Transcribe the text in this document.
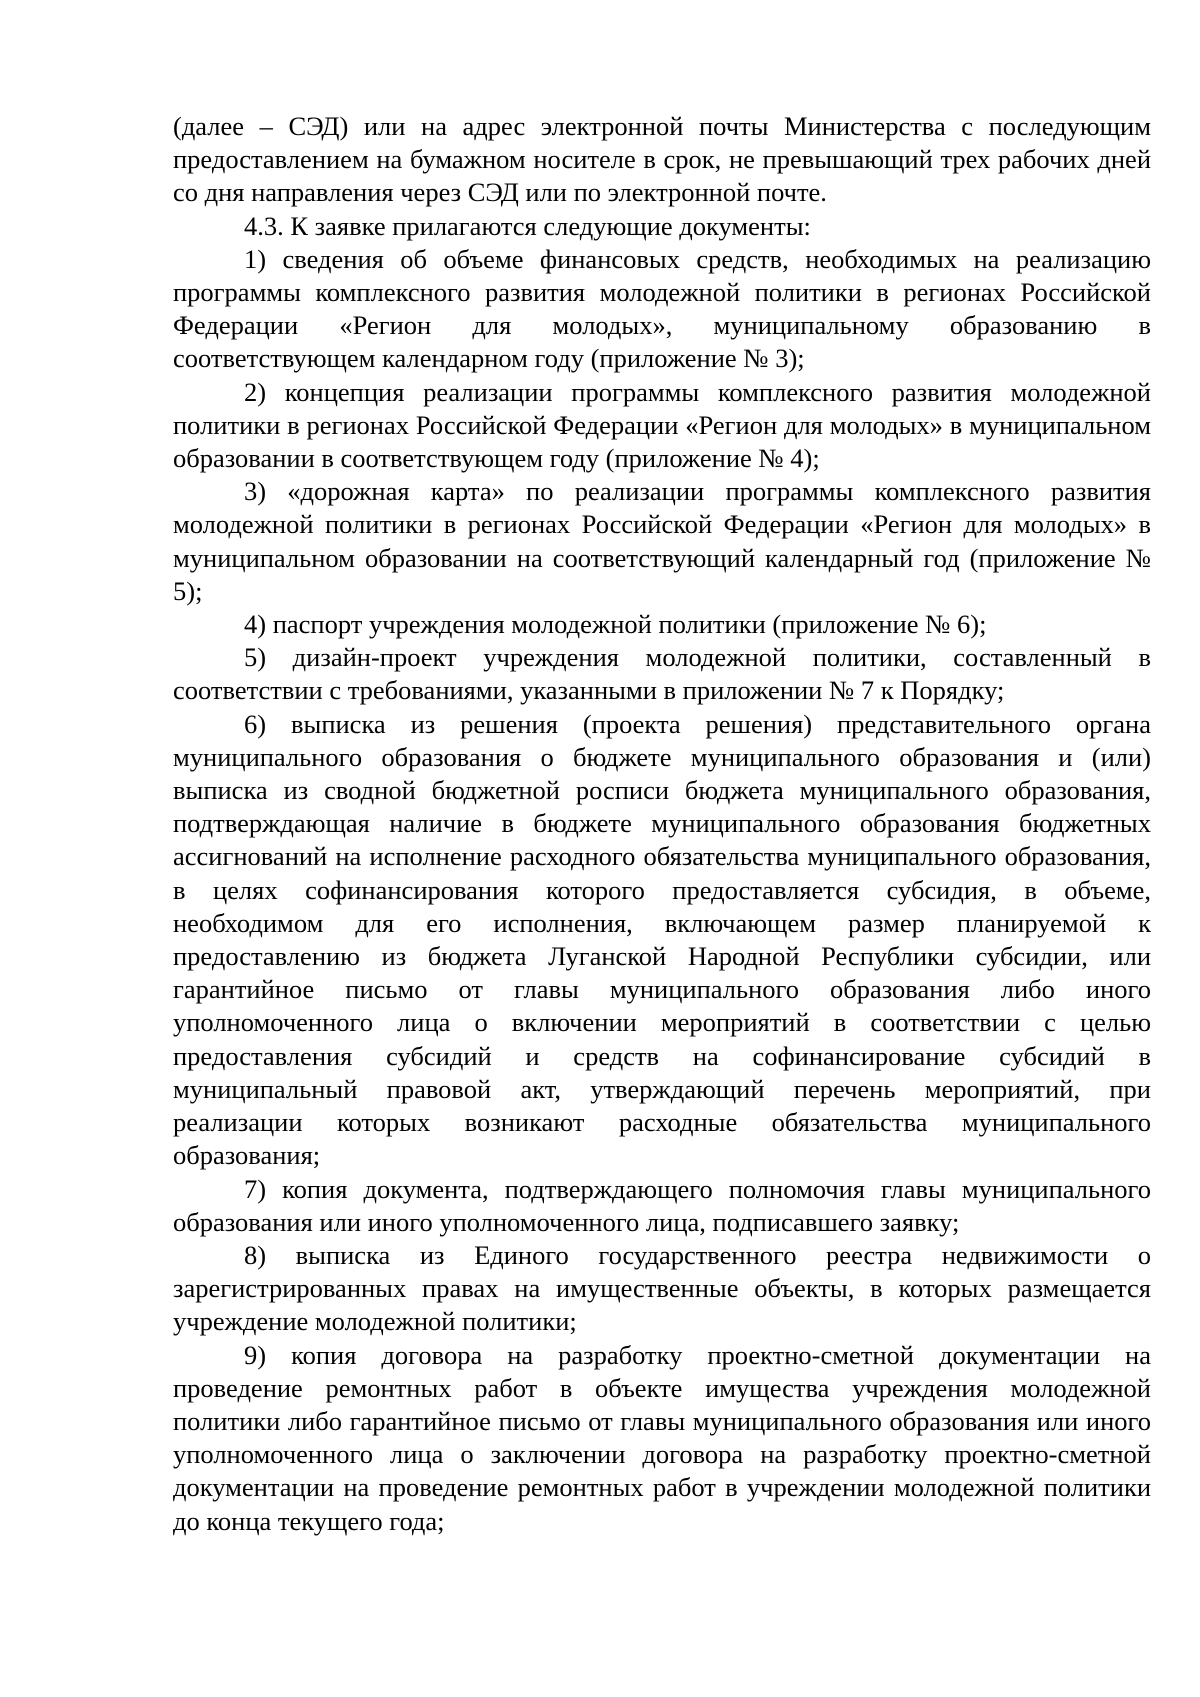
(далее – СЭД) или на адрес электронной почты Министерства с последующим предоставлением на бумажном носителе в срок, не превышающий трех рабочих дней со дня направления через СЭД или по электронной почте.

4.3. К заявке прилагаются следующие документы:

1) сведения об объеме финансовых средств, необходимых на реализацию программы комплексного развития молодежной политики в регионах Российской Федерации «Регион для молодых», муниципальному образованию в соответствующем календарном году (приложение № 3);

2) концепция реализации программы комплексного развития молодежной политики в регионах Российской Федерации «Регион для молодых» в муниципальном образовании в соответствующем году (приложение № 4);

3) «дорожная карта» по реализации программы комплексного развития молодежной политики в регионах Российской Федерации «Регион для молодых» в муниципальном образовании на соответствующий календарный год (приложение № 5);

4) паспорт учреждения молодежной политики (приложение № 6);

5) дизайн-проект учреждения молодежной политики, составленный в соответствии с требованиями, указанными в приложении № 7 к Порядку;

6) выписка из решения (проекта решения) представительного органа муниципального образования о бюджете муниципального образования и (или) выписка из сводной бюджетной росписи бюджета муниципального образования, подтверждающая наличие в бюджете муниципального образования бюджетных ассигнований на исполнение расходного обязательства муниципального образования, в целях софинансирования которого предоставляется субсидия, в объеме, необходимом для его исполнения, включающем размер планируемой к предоставлению из бюджета Луганской Народной Республики субсидии, или гарантийное письмо от главы муниципального образования либо иного уполномоченного лица о включении мероприятий в соответствии с целью предоставления субсидий и средств на софинансирование субсидий в муниципальный правовой акт, утверждающий перечень мероприятий, при реализации которых возникают расходные обязательства муниципального образования;

7) копия документа, подтверждающего полномочия главы муниципального образования или иного уполномоченного лица, подписавшего заявку;

8) выписка из Единого государственного реестра недвижимости о зарегистрированных правах на имущественные объекты, в которых размещается учреждение молодежной политики;

9) копия договора на разработку проектно-сметной документации на проведение ремонтных работ в объекте имущества учреждения молодежной политики либо гарантийное письмо от главы муниципального образования или иного уполномоченного лица о заключении договора на разработку проектно-сметной документации на проведение ремонтных работ в учреждении молодежной политики до конца текущего года;
